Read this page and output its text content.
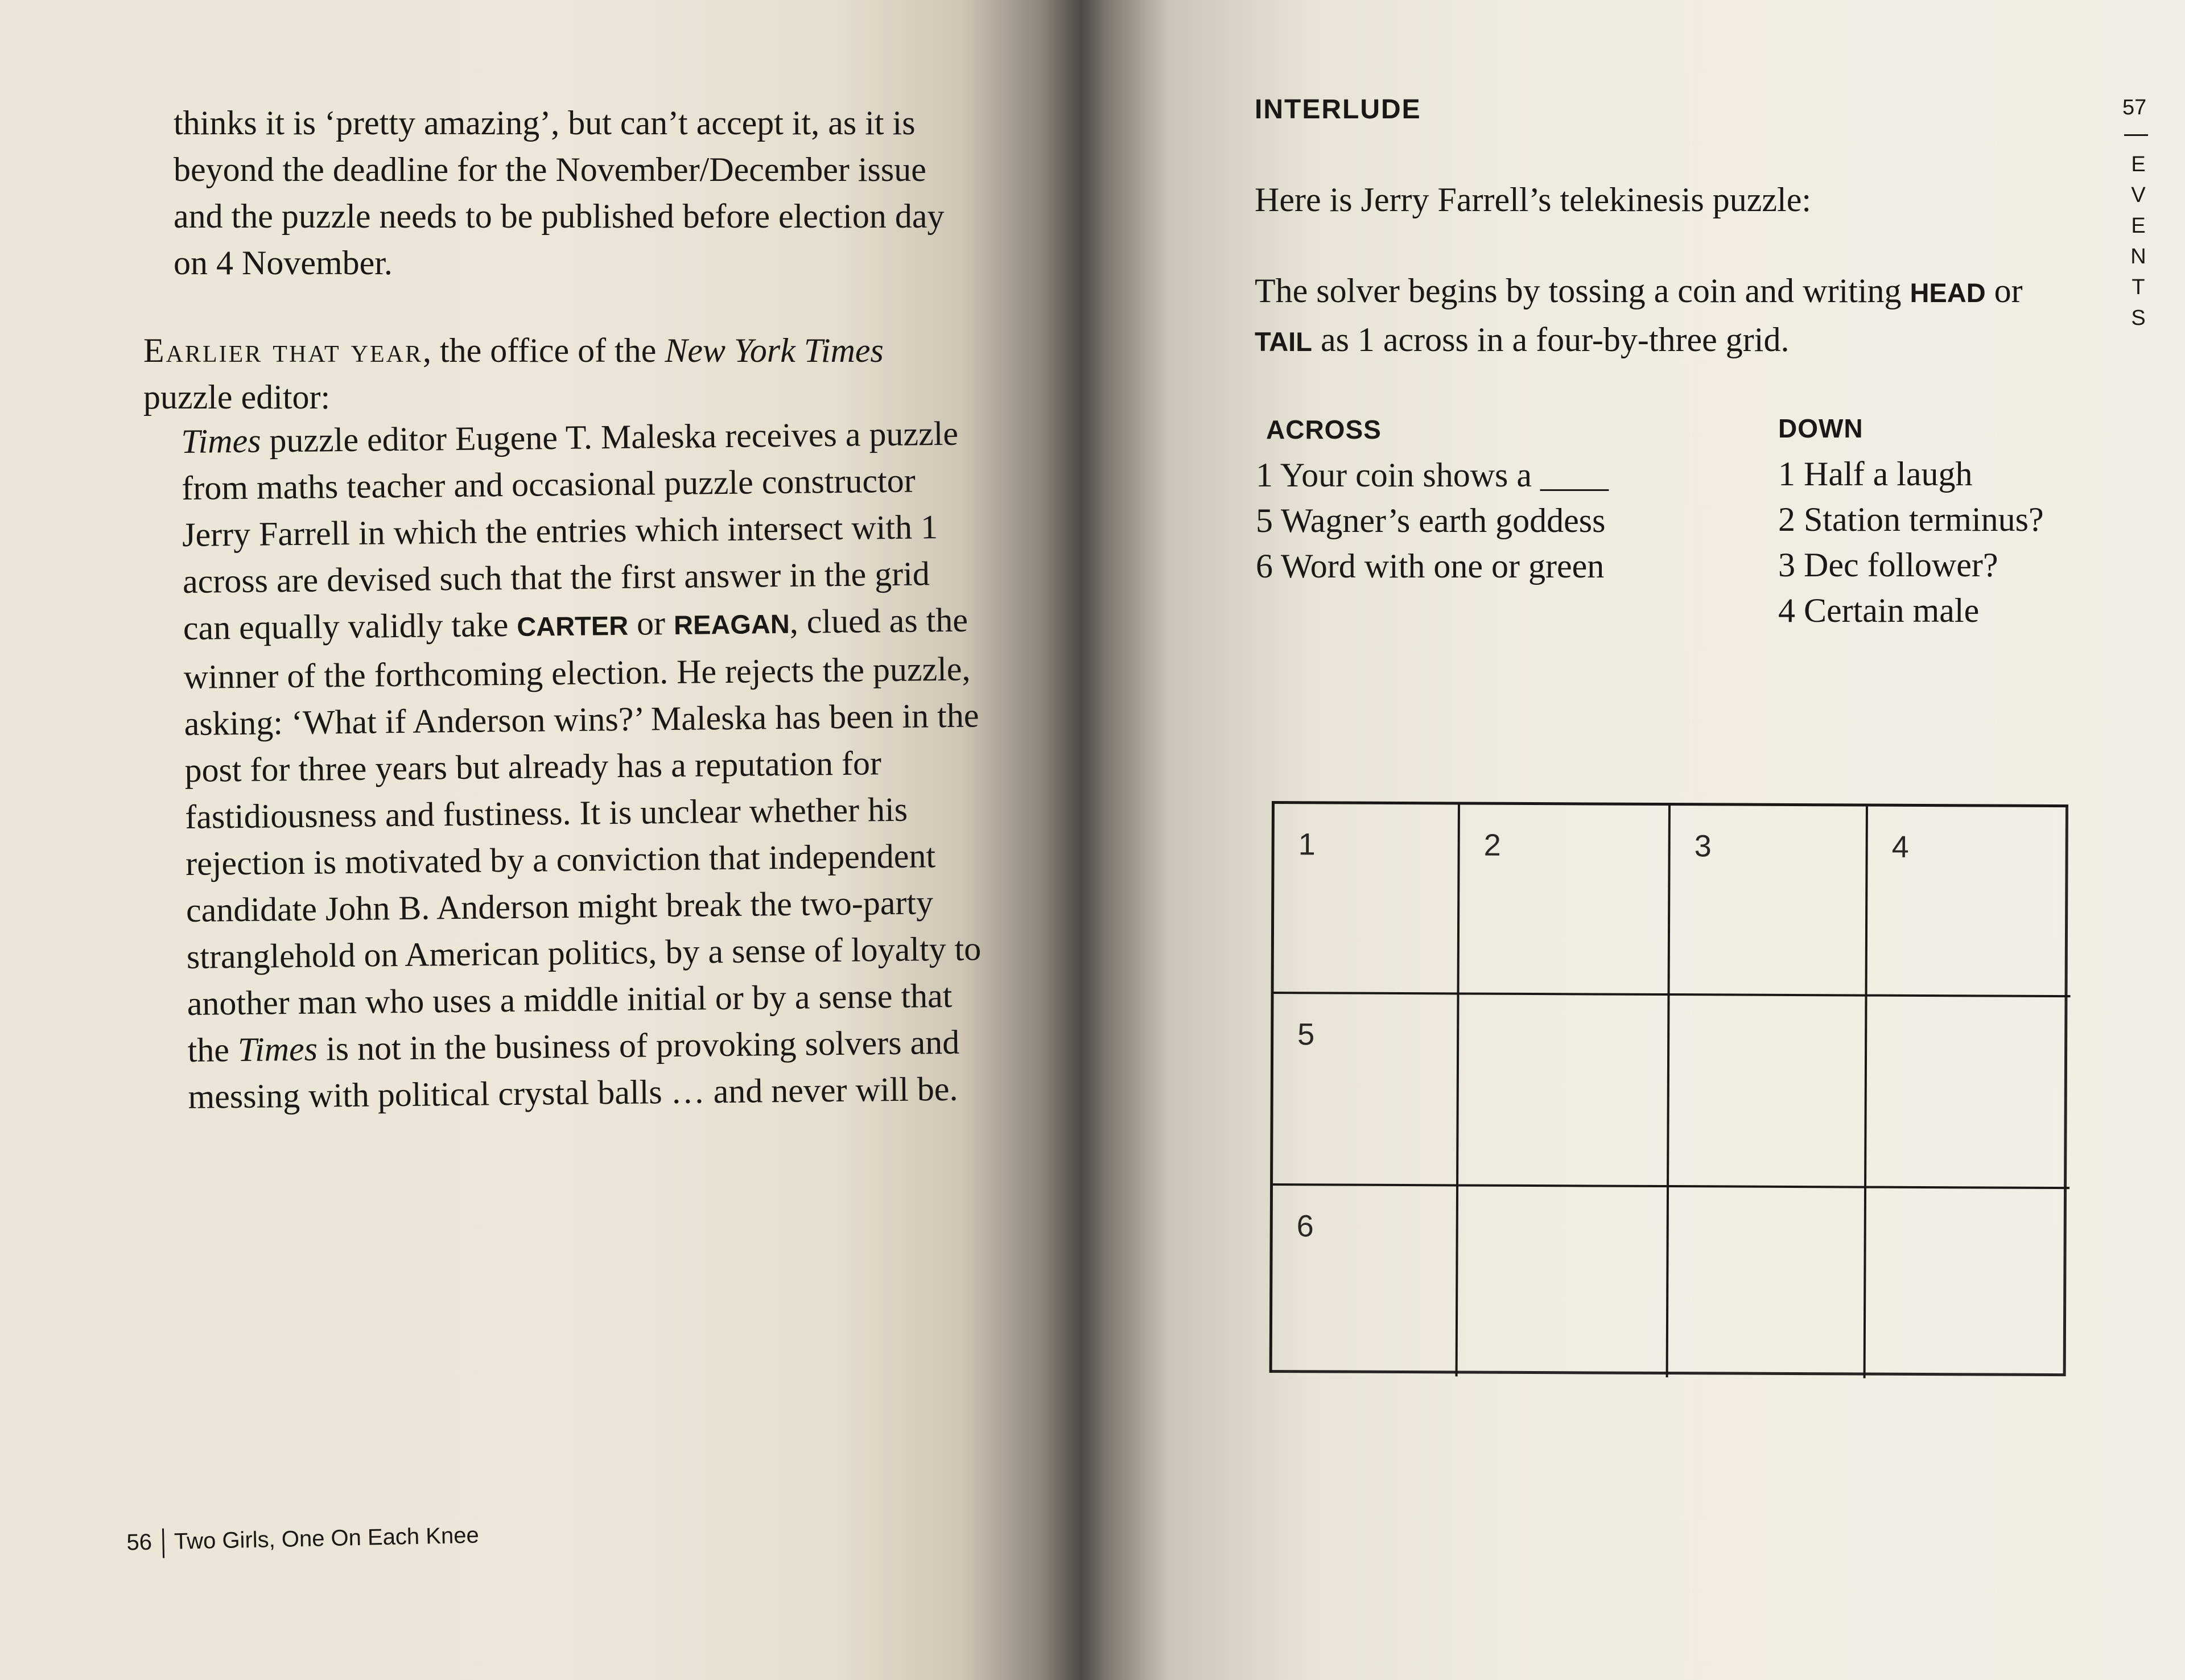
thinks it is ‘pretty amazing’, but can’t accept it, as it is beyond the deadline for the November/December issue and the puzzle needs to be published before election day on 4 November.
Earlier that year, the office of the New York Times puzzle editor:
Times puzzle editor Eugene T. Maleska receives a puzzle from maths teacher and occasional puzzle constructor Jerry Farrell in which the entries which intersect with 1 across are devised such that the first answer in the grid can equally validly take CARTER or REAGAN, clued as the winner of the forthcoming election. He rejects the puzzle, asking: ‘What if Anderson wins?’ Maleska has been in the post for three years but already has a reputation for fastidiousness and fustiness. It is unclear whether his rejection is motivated by a conviction that independent candidate John B. Anderson might break the two-party stranglehold on American politics, by a sense of loyalty to another man who uses a middle initial or by a sense that the Times is not in the business of provoking solvers and messing with political crystal balls … and never will be.
56 Two Girls, One On Each Knee
INTERLUDE
Here is Jerry Farrell’s telekinesis puzzle:
The solver begins by tossing a coin and writing HEAD or TAIL as 1 across in a four-by-three grid.
ACROSS
1 Your coin shows a ____
5 Wagner’s earth goddess
6 Word with one or green
DOWN
1 Half a laugh
2 Station terminus?
3 Dec follower?
4 Certain male
1	2	3	4
5
6
57
EVENTS
